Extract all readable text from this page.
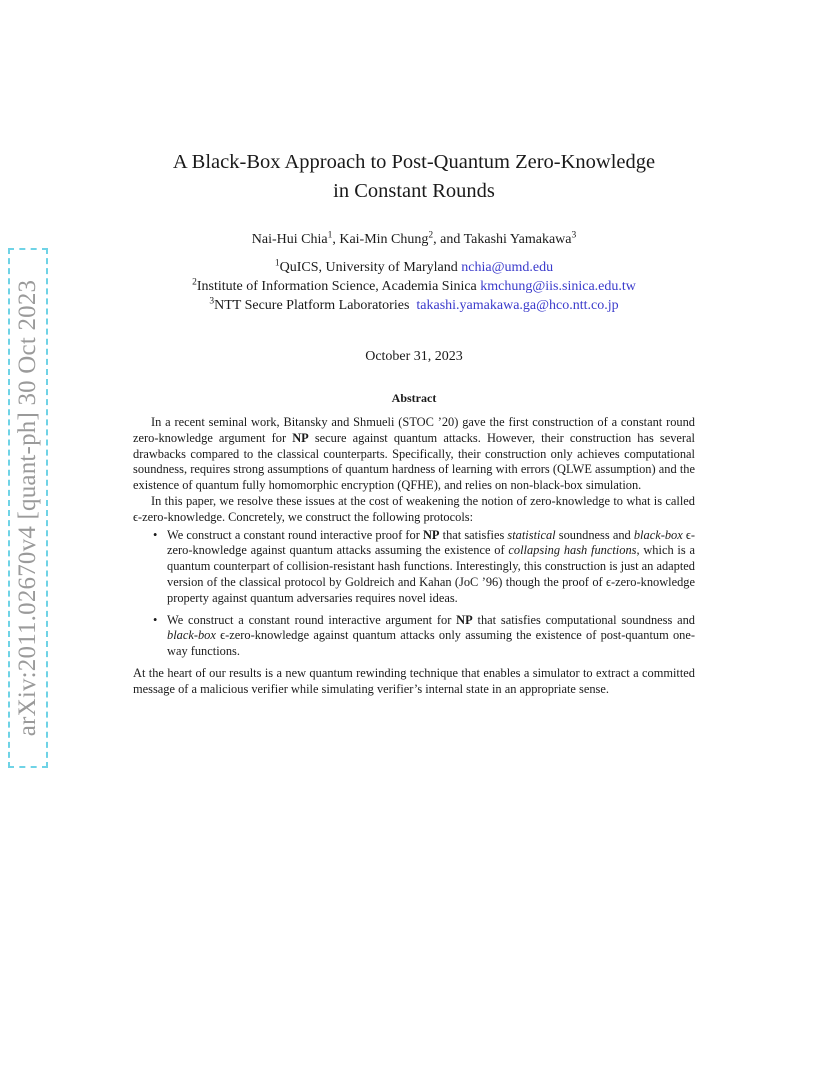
arXiv:2011.02670v4 [quant-ph] 30 Oct 2023
A Black-Box Approach to Post-Quantum Zero-Knowledge
in Constant Rounds
Nai-Hui Chia$^1$, Kai-Min Chung$^2$, and Takashi Yamakawa$^3$
$^1$QuICS, University of Maryland nchia@umd.edu
$^2$Institute of Information Science, Academia Sinica kmchung@iis.sinica.edu.tw
$^3$NTT Secure Platform Laboratories takashi.yamakawa.ga@hco.ntt.co.jp
October 31, 2023
Abstract

In a recent seminal work, Bitansky and Shmueli (STOC ’20) gave the first construction of a constant round zero-knowledge argument for NP secure against quantum attacks. However, their construction has several drawbacks compared to the classical counterparts. Specifically, their construction only achieves computational soundness, requires strong assumptions of quantum hardness of learning with errors (QLWE assumption) and the existence of quantum fully homomorphic encryption (QFHE), and relies on non-black-box simulation.

In this paper, we resolve these issues at the cost of weakening the notion of zero-knowledge to what is called ϵ-zero-knowledge. Concretely, we construct the following protocols:

• We construct a constant round interactive proof for NP that satisfies statistical soundness and black-box ϵ-zero-knowledge against quantum attacks assuming the existence of collapsing hash functions, which is a quantum counterpart of collision-resistant hash functions. Interestingly, this construction is just an adapted version of the classical protocol by Goldreich and Kahan (JoC ’96) though the proof of ϵ-zero-knowledge property against quantum adversaries requires novel ideas.
• We construct a constant round interactive argument for NP that satisfies computational soundness and black-box ϵ-zero-knowledge against quantum attacks only assuming the existence of post-quantum one-way functions.

At the heart of our results is a new quantum rewinding technique that enables a simulator to extract a committed message of a malicious verifier while simulating verifier’s internal state in an appropriate sense.
